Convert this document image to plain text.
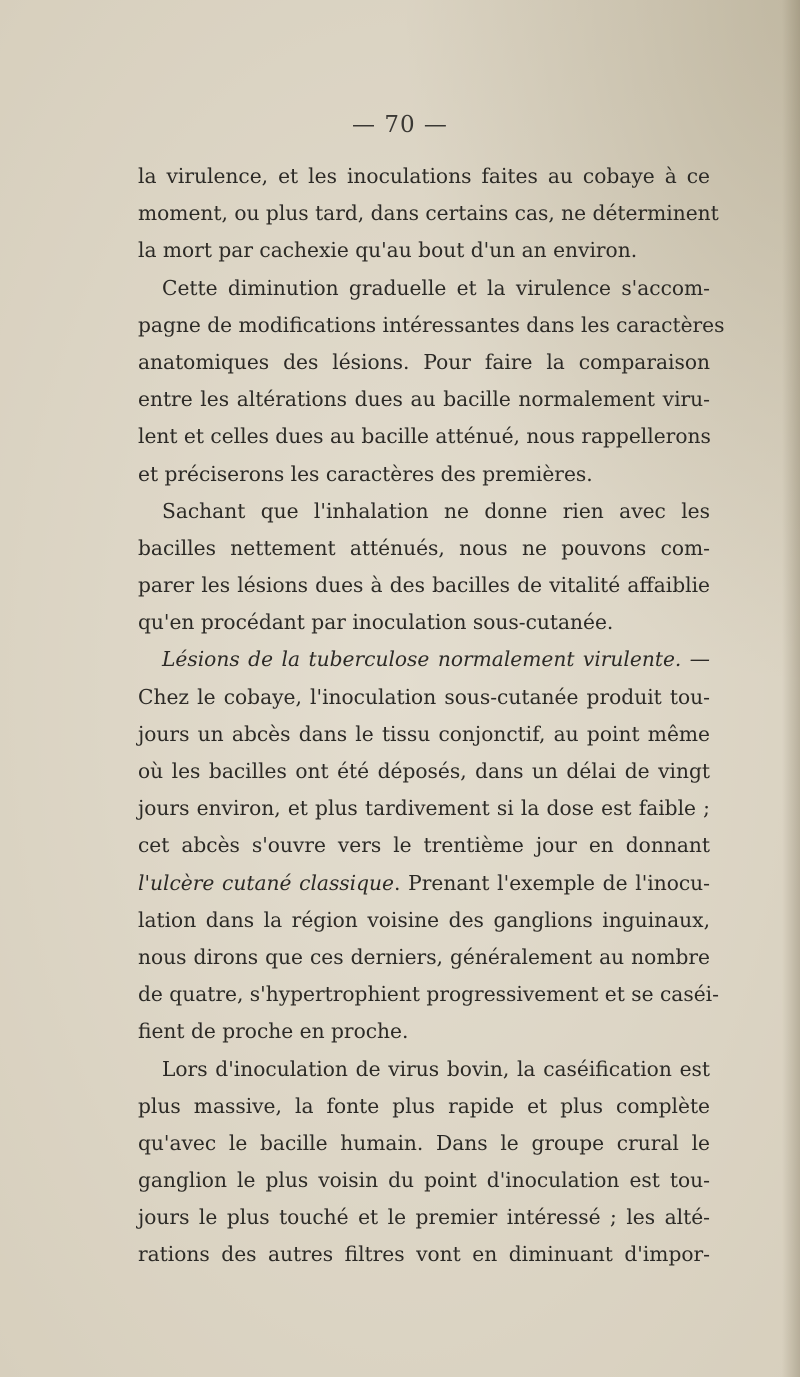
— 70 —
la virulence, et les inoculations faites au cobaye à ce
moment, ou plus tard, dans certains cas, ne déterminent
la mort par cachexie qu'au bout d'un an environ.
Cette diminution graduelle et la virulence s'accom-
pagne de modifications intéressantes dans les caractères
anatomiques des lésions. Pour faire la comparaison
entre les altérations dues au bacille normalement viru-
lent et celles dues au bacille atténué, nous rappellerons
et préciserons les caractères des premières.
Sachant que l'inhalation ne donne rien avec les
bacilles nettement atténués, nous ne pouvons com-
parer les lésions dues à des bacilles de vitalité affaiblie
qu'en procédant par inoculation sous-cutanée.
Lésions de la tuberculose normalement virulente. —
Chez le cobaye, l'inoculation sous-cutanée produit tou-
jours un abcès dans le tissu conjonctif, au point même
où les bacilles ont été déposés, dans un délai de vingt
jours environ, et plus tardivement si la dose est faible ;
cet abcès s'ouvre vers le trentième jour en donnant
l'ulcère cutané classique. Prenant l'exemple de l'inocu-
lation dans la région voisine des ganglions inguinaux,
nous dirons que ces derniers, généralement au nombre
de quatre, s'hypertrophient progressivement et se caséi-
fient de proche en proche.
Lors d'inoculation de virus bovin, la caséification est
plus massive, la fonte plus rapide et plus complète
qu'avec le bacille humain. Dans le groupe crural le
ganglion le plus voisin du point d'inoculation est tou-
jours le plus touché et le premier intéressé ; les alté-
rations des autres filtres vont en diminuant d'impor-
